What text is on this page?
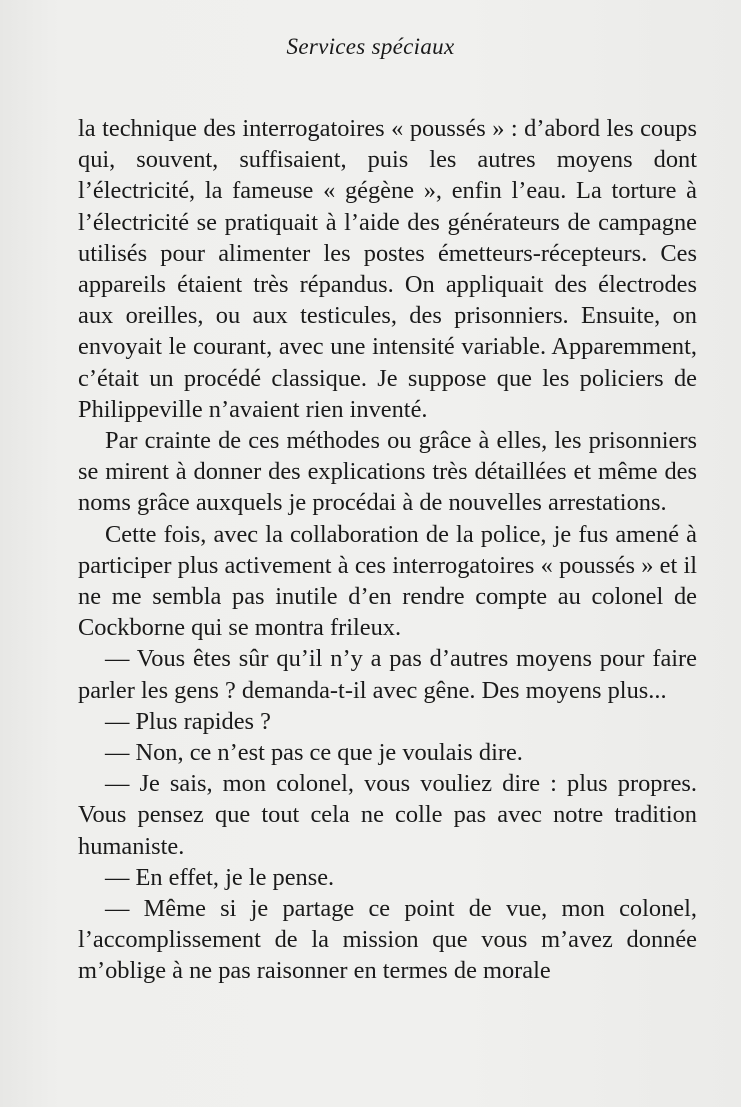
Services spéciaux

la technique des interrogatoires « poussés » : d’abord les coups qui, souvent, suffisaient, puis les autres moyens dont l’électricité, la fameuse « gégène », enfin l’eau. La torture à l’électricité se pratiquait à l’aide des générateurs de campagne utilisés pour alimenter les postes émetteurs-récepteurs. Ces appareils étaient très répandus. On appliquait des électrodes aux oreilles, ou aux testicules, des prisonniers. Ensuite, on envoyait le courant, avec une intensité variable. Apparemment, c’était un procédé classique. Je suppose que les policiers de Philippeville n’avaient rien inventé.

Par crainte de ces méthodes ou grâce à elles, les prisonniers se mirent à donner des explications très détaillées et même des noms grâce auxquels je procédai à de nouvelles arrestations.

Cette fois, avec la collaboration de la police, je fus amené à participer plus activement à ces interrogatoires « poussés » et il ne me sembla pas inutile d’en rendre compte au colonel de Cockborne qui se montra frileux.

— Vous êtes sûr qu’il n’y a pas d’autres moyens pour faire parler les gens ? demanda-t-il avec gêne. Des moyens plus...

— Plus rapides ?

— Non, ce n’est pas ce que je voulais dire.

— Je sais, mon colonel, vous vouliez dire : plus propres. Vous pensez que tout cela ne colle pas avec notre tradition humaniste.

— En effet, je le pense.

— Même si je partage ce point de vue, mon colonel, l’accomplissement de la mission que vous m’avez donnée m’oblige à ne pas raisonner en termes de morale
